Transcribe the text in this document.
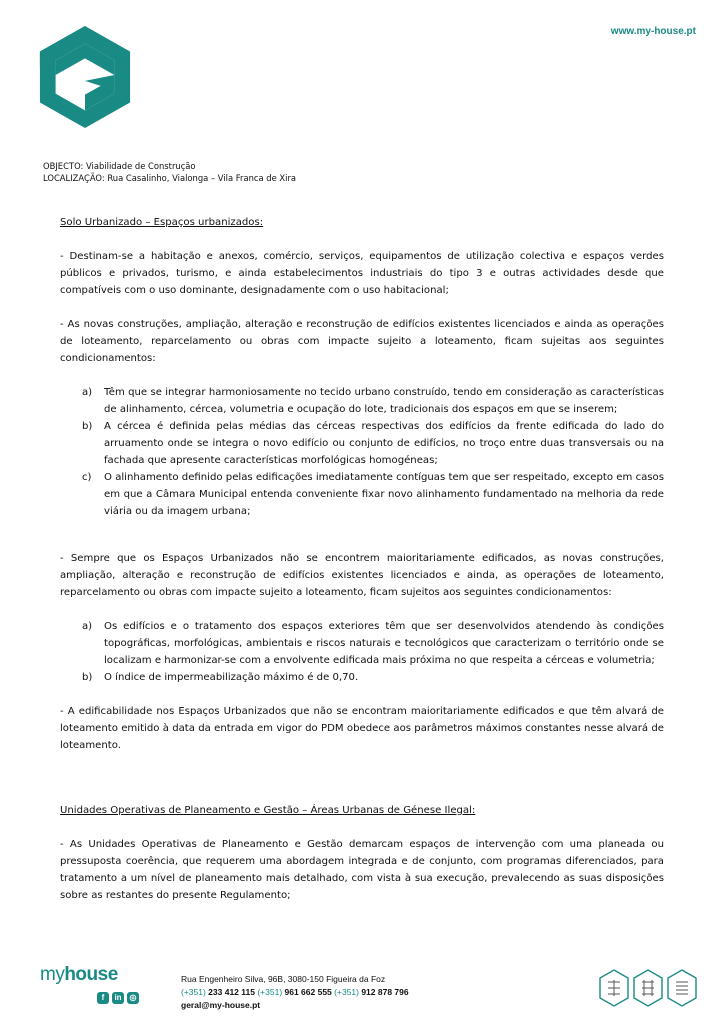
www.my-house.pt
OBJECTO: Viabilidade de Construção
LOCALIZAÇÃO: Rua Casalinho, Vialonga – Vila Franca de Xira

Solo Urbanizado – Espaços urbanizados:

- Destinam-se a habitação e anexos, comércio, serviços, equipamentos de utilização colectiva e espaços verdes públicos e privados, turismo, e ainda estabelecimentos industriais do tipo 3 e outras actividades desde que compatíveis com o uso dominante, designadamente com o uso habitacional;

- As novas construções, ampliação, alteração e reconstrução de edifícios existentes licenciados e ainda as operações de loteamento, reparcelamento ou obras com impacte sujeito a loteamento, ficam sujeitas aos seguintes condicionamentos:

a)	Têm que se integrar harmoniosamente no tecido urbano construído, tendo em consideração as características de alinhamento, cércea, volumetria e ocupação do lote, tradicionais dos espaços em que se inserem;
b)	A cércea é definida pelas médias das cérceas respectivas dos edifícios da frente edificada do lado do arruamento onde se integra o novo edifício ou conjunto de edifícios, no troço entre duas transversais ou na fachada que apresente características morfológicas homogéneas;
c)	O alinhamento definido pelas edificações imediatamente contíguas tem que ser respeitado, excepto em casos em que a Câmara Municipal entenda conveniente fixar novo alinhamento fundamentado na melhoria da rede viária ou da imagem urbana;

- Sempre que os Espaços Urbanizados não se encontrem maioritariamente edificados, as novas construções, ampliação, alteração e reconstrução de edifícios existentes licenciados e ainda, as operações de loteamento, reparcelamento ou obras com impacte sujeito a loteamento, ficam sujeitos aos seguintes condicionamentos:

a)	Os edifícios e o tratamento dos espaços exteriores têm que ser desenvolvidos atendendo às condições topográficas, morfológicas, ambientais e riscos naturais e tecnológicos que caracterizam o território onde se localizam e harmonizar-se com a envolvente edificada mais próxima no que respeita a cérceas e volumetria;
b)	O índice de impermeabilização máximo é de 0,70.

- A edificabilidade nos Espaços Urbanizados que não se encontram maioritariamente edificados e que têm alvará de loteamento emitido à data da entrada em vigor do PDM obedece aos parâmetros máximos constantes nesse alvará de loteamento.

Unidades Operativas de Planeamento e Gestão – Áreas Urbanas de Génese Ilegal:

- As Unidades Operativas de Planeamento e Gestão demarcam espaços de intervenção com uma planeada ou pressuposta coerência, que requerem uma abordagem integrada e de conjunto, com programas diferenciados, para tratamento a um nível de planeamento mais detalhado, com vista à sua execução, prevalecendo as suas disposições sobre as restantes do presente Regulamento;

myhouse
f	in ◎
Rua Engenheiro Silva, 96B, 3080-150 Figueira da Foz
(+351) 233 412 115 (+351) 961 662 555 (+351) 912 878 796
geral@my-house.pt
